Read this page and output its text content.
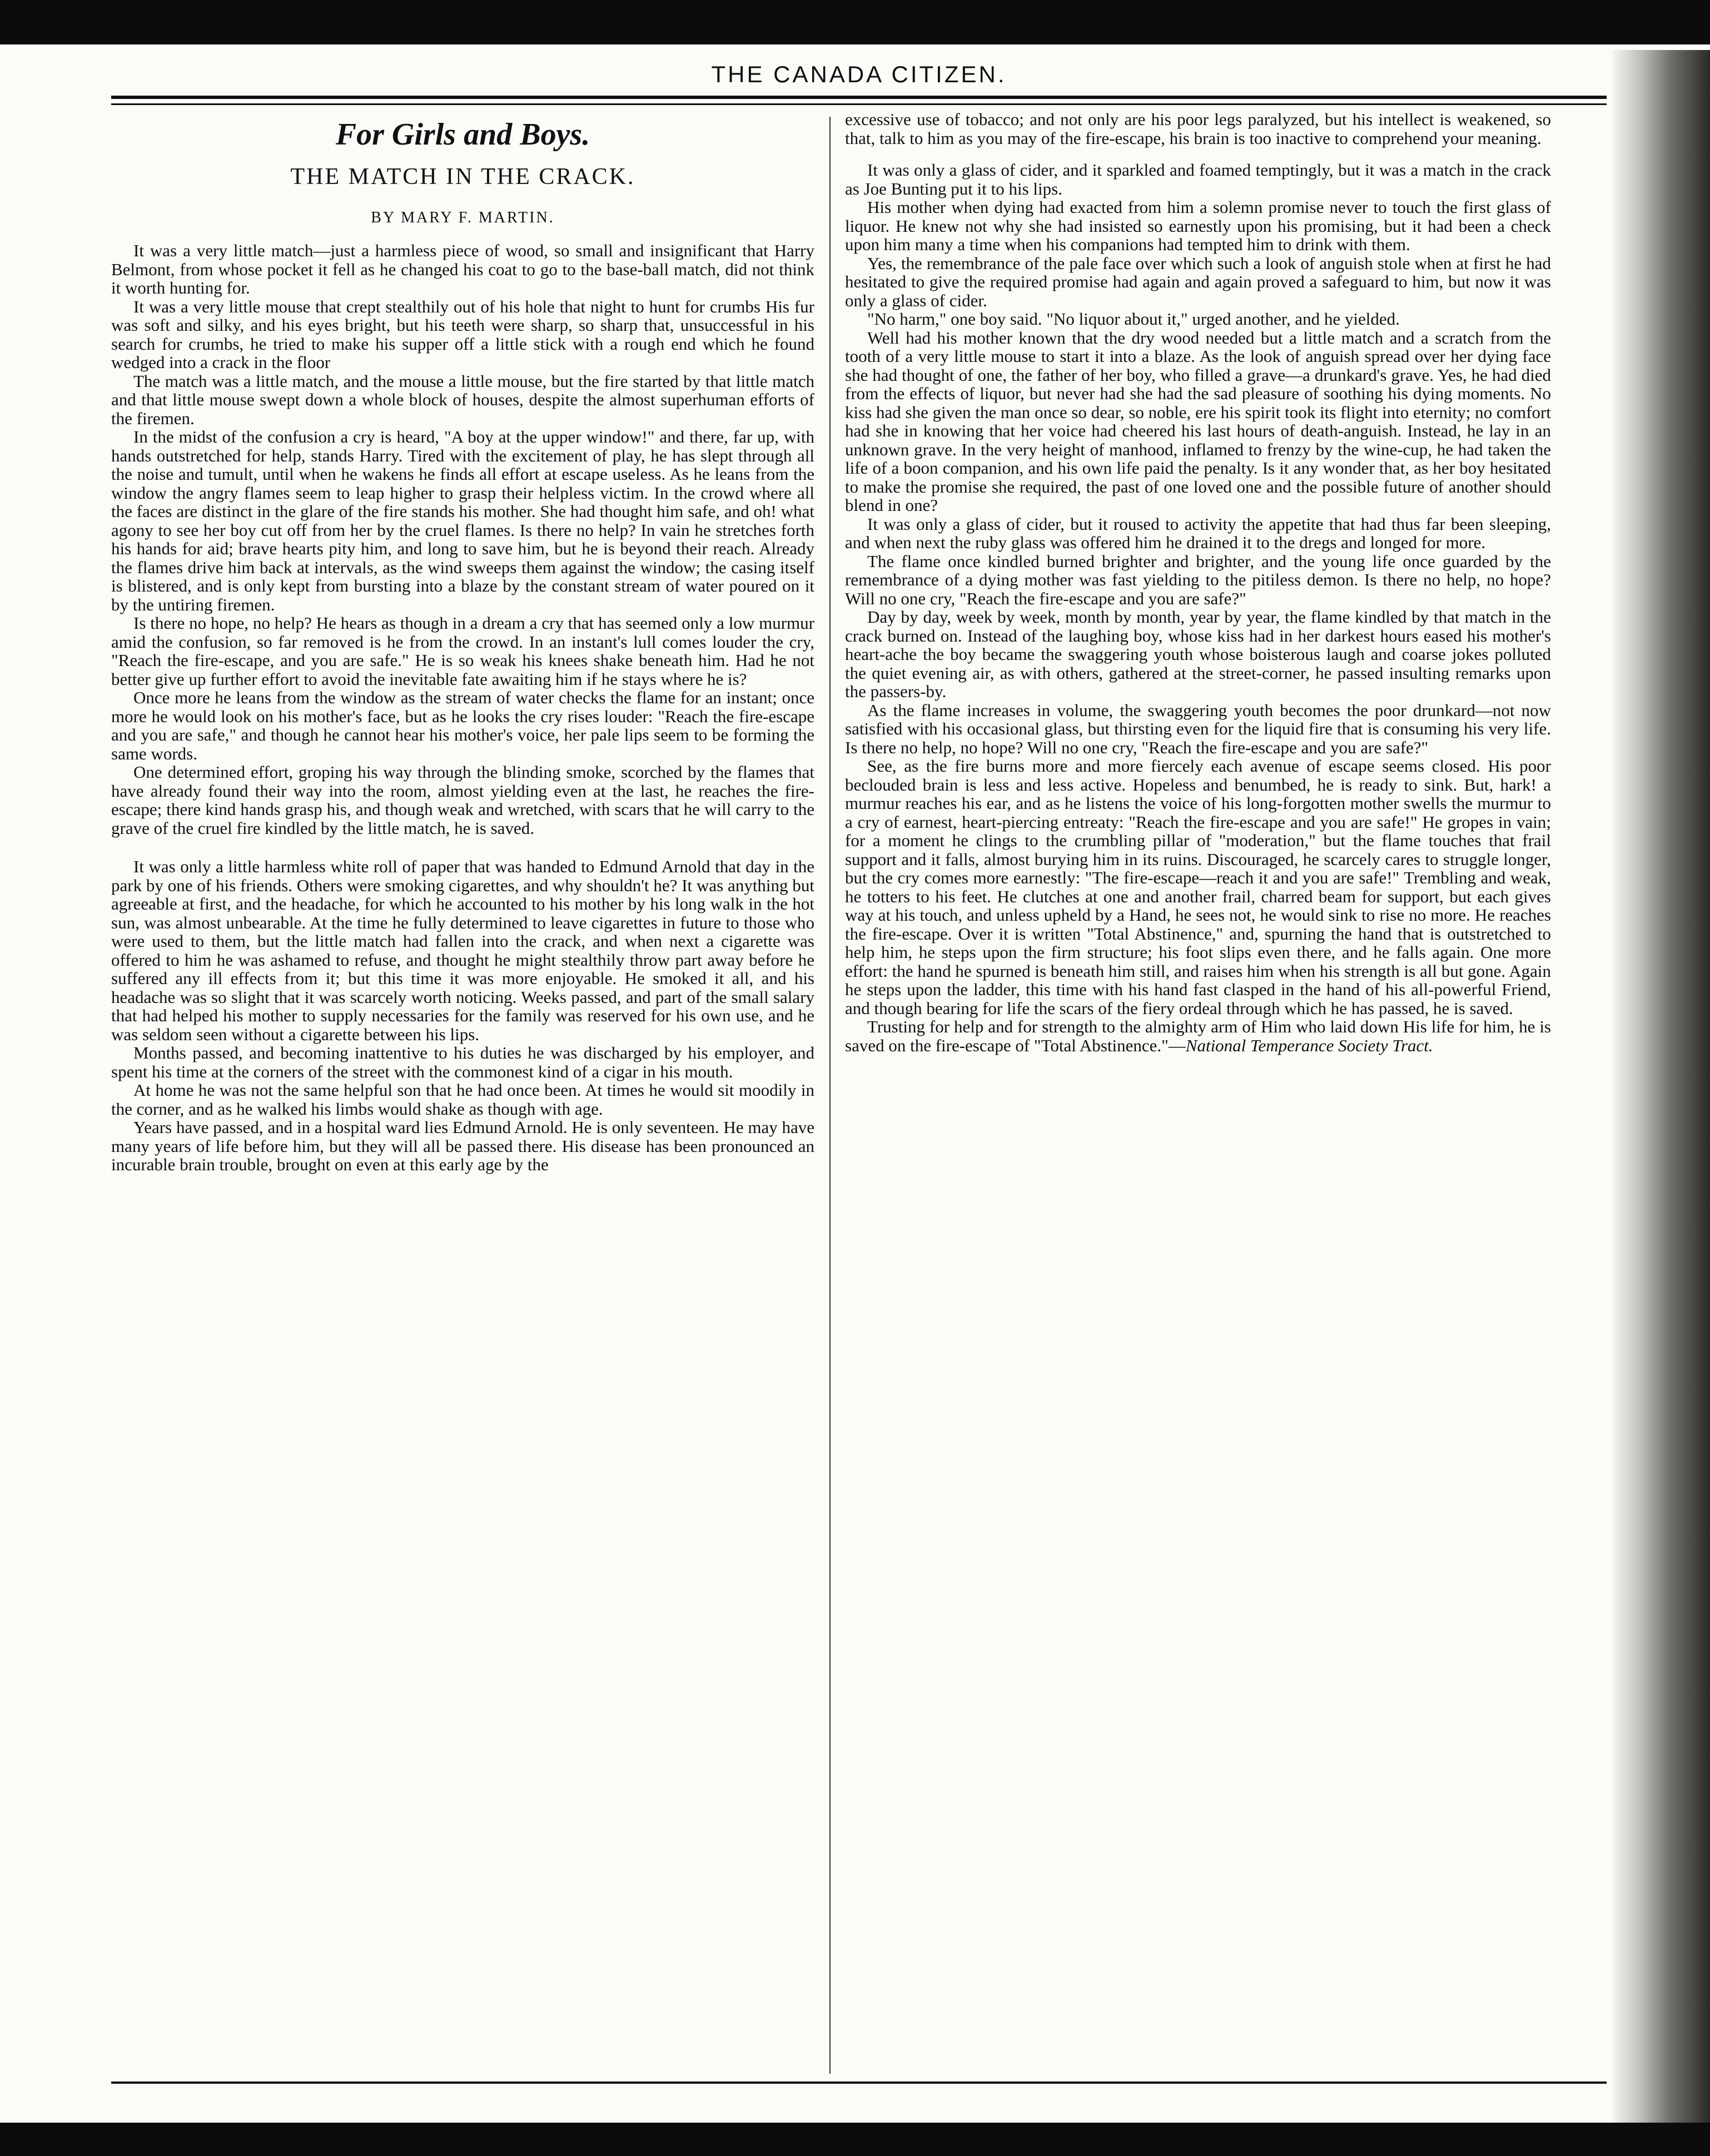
THE CANADA CITIZEN.
For Girls and Boys.
THE MATCH IN THE CRACK.
BY MARY F. MARTIN.

It was a very little match—just a harmless piece of wood, so small and insignificant that Harry Belmont, from whose pocket it fell as he changed his coat to go to the base-ball match, did not think it worth hunting for.

It was a very little mouse that crept stealthily out of his hole that night to hunt for crumbs His fur was soft and silky, and his eyes bright, but his teeth were sharp, so sharp that, unsuccessful in his search for crumbs, he tried to make his supper off a little stick with a rough end which he found wedged into a crack in the floor

The match was a little match, and the mouse a little mouse, but the fire started by that little match and that little mouse swept down a whole block of houses, despite the almost superhuman efforts of the firemen.

In the midst of the confusion a cry is heard, "A boy at the upper window!" and there, far up, with hands outstretched for help, stands Harry. Tired with the excitement of play, he has slept through all the noise and tumult, until when he wakens he finds all effort at escape useless. As he leans from the window the angry flames seem to leap higher to grasp their helpless victim. In the crowd where all the faces are distinct in the glare of the fire stands his mother. She had thought him safe, and oh! what agony to see her boy cut off from her by the cruel flames. Is there no help? In vain he stretches forth his hands for aid; brave hearts pity him, and long to save him, but he is beyond their reach. Already the flames drive him back at intervals, as the wind sweeps them against the window; the casing itself is blistered, and is only kept from bursting into a blaze by the constant stream of water poured on it by the untiring firemen.

Is there no hope, no help? He hears as though in a dream a cry that has seemed only a low murmur amid the confusion, so far removed is he from the crowd. In an instant's lull comes louder the cry, "Reach the fire-escape, and you are safe." He is so weak his knees shake beneath him. Had he not better give up further effort to avoid the inevitable fate awaiting him if he stays where he is?

Once more he leans from the window as the stream of water checks the flame for an instant; once more he would look on his mother's face, but as he looks the cry rises louder: "Reach the fire-escape and you are safe," and though he cannot hear his mother's voice, her pale lips seem to be forming the same words.

One determined effort, groping his way through the blinding smoke, scorched by the flames that have already found their way into the room, almost yielding even at the last, he reaches the fire-escape; there kind hands grasp his, and though weak and wretched, with scars that he will carry to the grave of the cruel fire kindled by the little match, he is saved.

It was only a little harmless white roll of paper that was handed to Edmund Arnold that day in the park by one of his friends. Others were smoking cigarettes, and why shouldn't he? It was anything but agreeable at first, and the headache, for which he accounted to his mother by his long walk in the hot sun, was almost unbearable. At the time he fully determined to leave cigarettes in future to those who were used to them, but the little match had fallen into the crack, and when next a cigarette was offered to him he was ashamed to refuse, and thought he might stealthily throw part away before he suffered any ill effects from it; but this time it was more enjoyable. He smoked it all, and his headache was so slight that it was scarcely worth noticing. Weeks passed, and part of the small salary that had helped his mother to supply necessaries for the family was reserved for his own use, and he was seldom seen without a cigarette between his lips.

Months passed, and becoming inattentive to his duties he was discharged by his employer, and spent his time at the corners of the street with the commonest kind of a cigar in his mouth.

At home he was not the same helpful son that he had once been. At times he would sit moodily in the corner, and as he walked his limbs would shake as though with age.

Years have passed, and in a hospital ward lies Edmund Arnold. He is only seventeen. He may have many years of life before him, but they will all be passed there. His disease has been pronounced an incurable brain trouble, brought on even at this early age by the

excessive use of tobacco; and not only are his poor legs paralyzed, but his intellect is weakened, so that, talk to him as you may of the fire-escape, his brain is too inactive to comprehend your meaning.

It was only a glass of cider, and it sparkled and foamed temptingly, but it was a match in the crack as Joe Bunting put it to his lips.

His mother when dying had exacted from him a solemn promise never to touch the first glass of liquor. He knew not why she had insisted so earnestly upon his promising, but it had been a check upon him many a time when his companions had tempted him to drink with them.

Yes, the remembrance of the pale face over which such a look of anguish stole when at first he had hesitated to give the required promise had again and again proved a safeguard to him, but now it was only a glass of cider.

"No harm," one boy said. "No liquor about it," urged another, and he yielded.

Well had his mother known that the dry wood needed but a little match and a scratch from the tooth of a very little mouse to start it into a blaze. As the look of anguish spread over her dying face she had thought of one, the father of her boy, who filled a grave—a drunkard's grave. Yes, he had died from the effects of liquor, but never had she had the sad pleasure of soothing his dying moments. No kiss had she given the man once so dear, so noble, ere his spirit took its flight into eternity; no comfort had she in knowing that her voice had cheered his last hours of death-anguish. Instead, he lay in an unknown grave. In the very height of manhood, inflamed to frenzy by the wine-cup, he had taken the life of a boon companion, and his own life paid the penalty. Is it any wonder that, as her boy hesitated to make the promise she required, the past of one loved one and the possible future of another should blend in one?

It was only a glass of cider, but it roused to activity the appetite that had thus far been sleeping, and when next the ruby glass was offered him he drained it to the dregs and longed for more.

The flame once kindled burned brighter and brighter, and the young life once guarded by the remembrance of a dying mother was fast yielding to the pitiless demon. Is there no help, no hope? Will no one cry, "Reach the fire-escape and you are safe?"

Day by day, week by week, month by month, year by year, the flame kindled by that match in the crack burned on. Instead of the laughing boy, whose kiss had in her darkest hours eased his mother's heart-ache the boy became the swaggering youth whose boisterous laugh and coarse jokes polluted the quiet evening air, as with others, gathered at the street-corner, he passed insulting remarks upon the passers-by.

As the flame increases in volume, the swaggering youth becomes the poor drunkard—not now satisfied with his occasional glass, but thirsting even for the liquid fire that is consuming his very life. Is there no help, no hope? Will no one cry, "Reach the fire-escape and you are safe?"

See, as the fire burns more and more fiercely each avenue of escape seems closed. His poor beclouded brain is less and less active. Hopeless and benumbed, he is ready to sink. But, hark! a murmur reaches his ear, and as he listens the voice of his long-forgotten mother swells the murmur to a cry of earnest, heart-piercing entreaty: "Reach the fire-escape and you are safe!" He gropes in vain; for a moment he clings to the crumbling pillar of "moderation," but the flame touches that frail support and it falls, almost burying him in its ruins. Discouraged, he scarcely cares to struggle longer, but the cry comes more earnestly: "The fire-escape—reach it and you are safe!" Trembling and weak, he totters to his feet. He clutches at one and another frail, charred beam for support, but each gives way at his touch, and unless upheld by a Hand, he sees not, he would sink to rise no more. He reaches the fire-escape. Over it is written "Total Abstinence," and, spurning the hand that is outstretched to help him, he steps upon the firm structure; his foot slips even there, and he falls again. One more effort: the hand he spurned is beneath him still, and raises him when his strength is all but gone. Again he steps upon the ladder, this time with his hand fast clasped in the hand of his all-powerful Friend, and though bearing for life the scars of the fiery ordeal through which he has passed, he is saved.

Trusting for help and for strength to the almighty arm of Him who laid down His life for him, he is saved on the fire-escape of "Total Abstinence."—National Temperance Society Tract.
